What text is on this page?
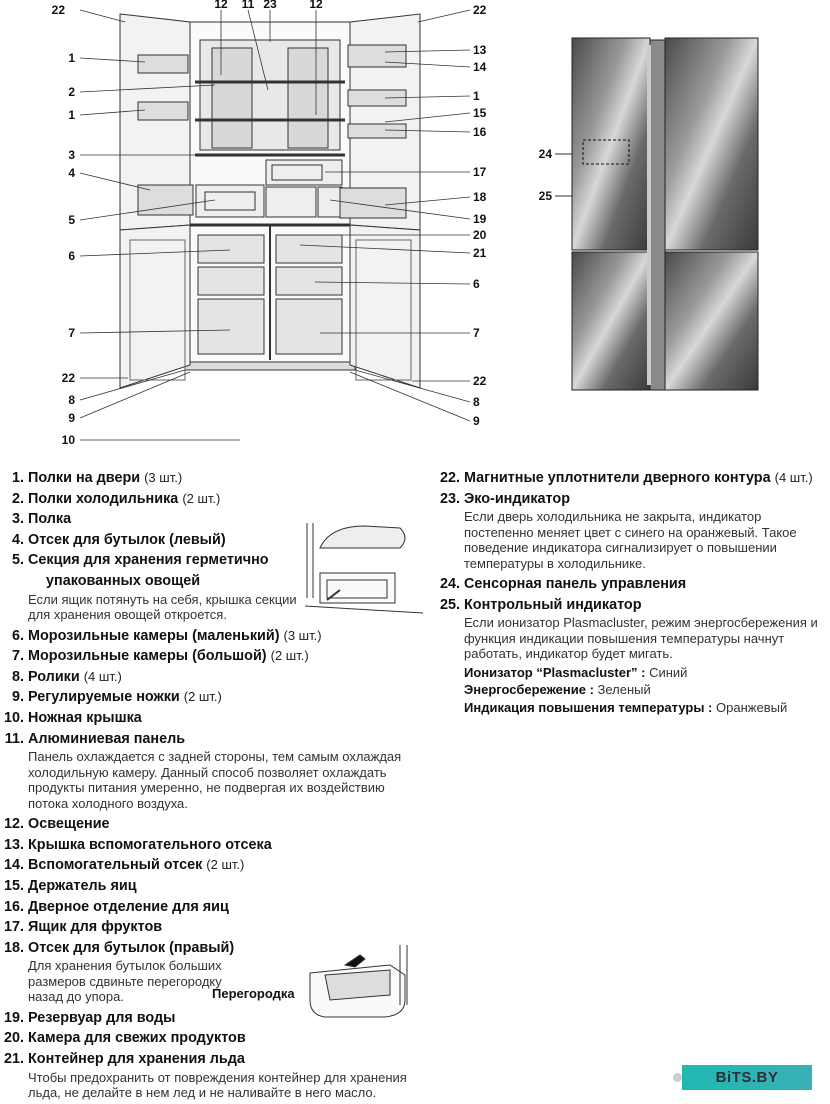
22
1
2
1
3
4
5
6
7
22
8
9
10
12 11 23	12	22
13
14
1
15
16
17
18
19
20
21
6
7
22
8
9
24
25
1. Полки на двери (3 шт.)
2. Полки холодильника (2 шт.)
3. Полка
4. Отсек для бутылок (левый)
5. Секция для хранения герметично
упакованных овощей
Если ящик потянуть на себя, крышка секции для хранения овощей откроется.
6. Морозильные камеры (маленький) (3 шт.)
7. Морозильные камеры (большой) (2 шт.)
8. Ролики (4 шт.)
9. Регулируемые ножки (2 шт.)
10. Ножная крышка
11. Алюминиевая панель
Панель охлаждается с задней стороны, тем самым охлаждая холодильную камеру. Данный способ позволяет охлаждать продукты питания умеренно, не подвергая их воздействию потока холодного воздуха.
12. Освещение
13. Крышка вспомогательного отсека
14. Вспомогательный отсек (2 шт.)
15. Держатель яиц
16. Дверное отделение для яиц
17. Ящик для фруктов
18. Отсек для бутылок (правый)
Для хранения бутылок больших размеров сдвиньте перегородку назад до упора.
19. Резервуар для воды
20. Камера для свежих продуктов
21. Контейнер для хранения льда
Чтобы предохранить от повреждения контейнер для хранения льда, не делайте в нем лед и не наливайте в него масло.
Перегородка
22. Магнитные уплотнители дверного контура (4 шт.)
23. Эко-индикатор
Если дверь холодильника не закрыта, индикатор постепенно меняет цвет с синего на оранжевый. Такое поведение индикатора сигнализирует о повышении температуры в холодильнике.
24. Сенсорная панель управления
25. Контрольный индикатор
Если ионизатор Plasmacluster, режим энергосбережения и функция индикации повышения температуры начнут работать, индикатор будет мигать.
Ионизатор “Plasmacluster” : Синий
Энергосбережение : Зеленый
Индикация повышения температуры : Оранжевый
BiTS.BY
